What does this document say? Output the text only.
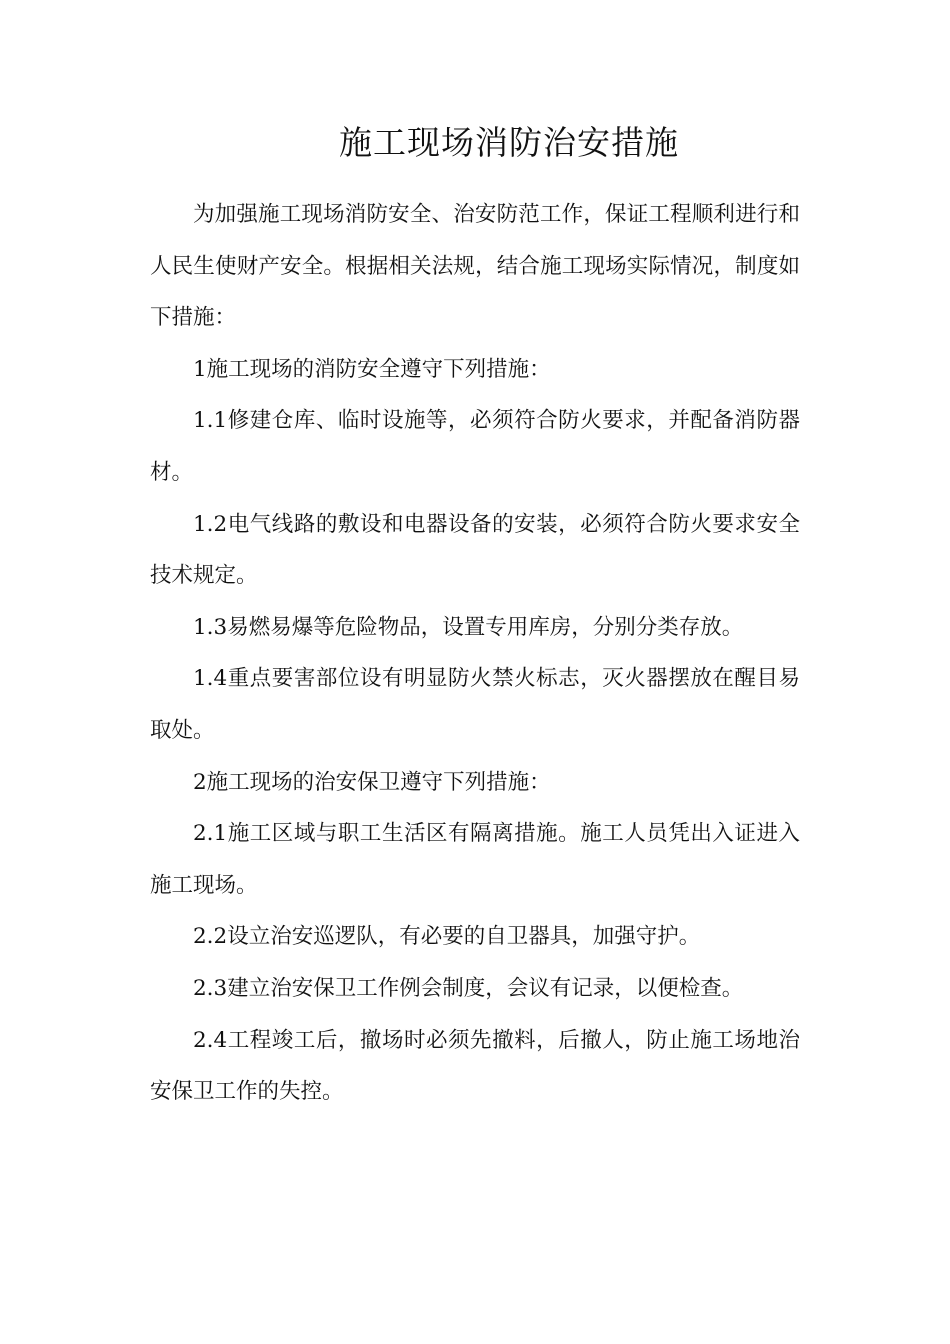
施工现场消防治安措施

为加强施工现场消防安全、治安防范工作，保证工程顺利进行和人民生使财产安全。根据相关法规，结合施工现场实际情况，制度如下措施：

1施工现场的消防安全遵守下列措施：

1.1修建仓库、临时设施等，必须符合防火要求，并配备消防器材。

1.2电气线路的敷设和电器设备的安装，必须符合防火要求安全技术规定。

1.3易燃易爆等危险物品，设置专用库房，分别分类存放。

1.4重点要害部位设有明显防火禁火标志，灭火器摆放在醒目易取处。

2施工现场的治安保卫遵守下列措施：

2.1施工区域与职工生活区有隔离措施。施工人员凭出入证进入施工现场。

2.2设立治安巡逻队，有必要的自卫器具，加强守护。

2.3建立治安保卫工作例会制度，会议有记录，以便检查。

2.4工程竣工后，撤场时必须先撤料，后撤人，防止施工场地治安保卫工作的失控。
